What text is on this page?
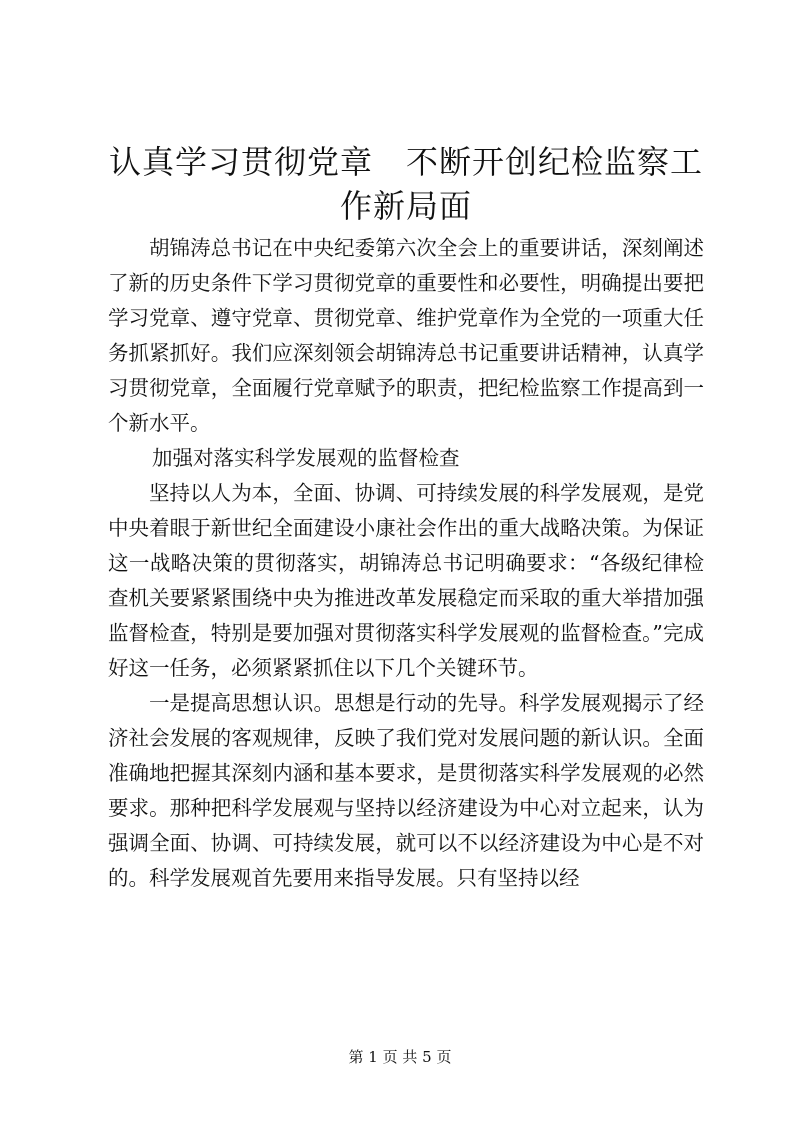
认真学习贯彻党章　不断开创纪检监察工作新局面

胡锦涛总书记在中央纪委第六次全会上的重要讲话，深刻阐述了新的历史条件下学习贯彻党章的重要性和必要性，明确提出要把学习党章、遵守党章、贯彻党章、维护党章作为全党的一项重大任务抓紧抓好。我们应深刻领会胡锦涛总书记重要讲话精神，认真学习贯彻党章，全面履行党章赋予的职责，把纪检监察工作提高到一个新水平。

加强对落实科学发展观的监督检查

坚持以人为本，全面、协调、可持续发展的科学发展观，是党中央着眼于新世纪全面建设小康社会作出的重大战略决策。为保证这一战略决策的贯彻落实，胡锦涛总书记明确要求：“各级纪律检查机关要紧紧围绕中央为推进改革发展稳定而采取的重大举措加强监督检查，特别是要加强对贯彻落实科学发展观的监督检查。”完成好这一任务，必须紧紧抓住以下几个关键环节。

一是提高思想认识。思想是行动的先导。科学发展观揭示了经济社会发展的客观规律，反映了我们党对发展问题的新认识。全面准确地把握其深刻内涵和基本要求，是贯彻落实科学发展观的必然要求。那种把科学发展观与坚持以经济建设为中心对立起来，认为强调全面、协调、可持续发展，就可以不以经济建设为中心是不对的。科学发展观首先要用来指导发展。只有坚持以经

第 1 页 共 5 页
